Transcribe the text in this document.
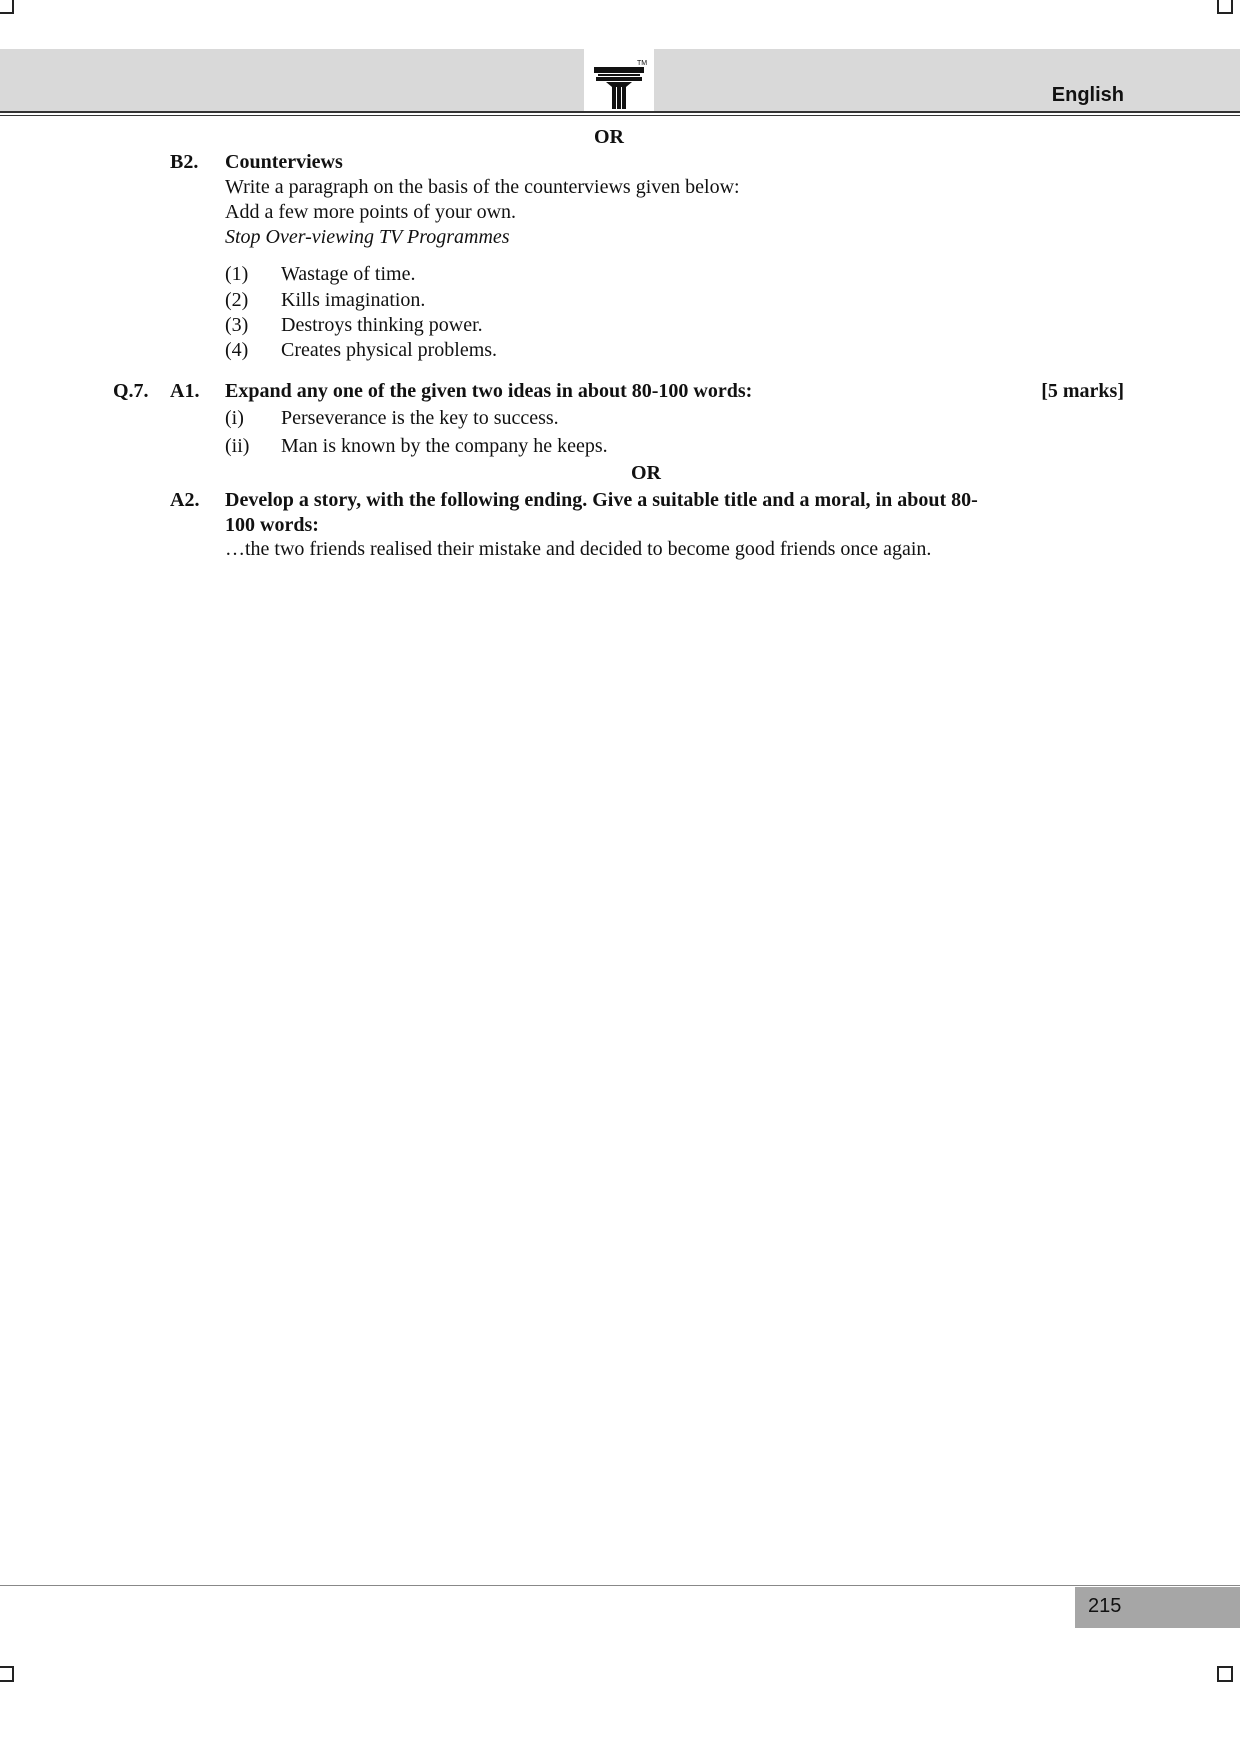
TM
English
OR
B2. Counterviews
Write a paragraph on the basis of the counterviews given below:
Add a few more points of your own.
Stop Over-viewing TV Programmes
(1) Wastage of time.
(2) Kills imagination.
(3) Destroys thinking power.
(4) Creates physical problems.
Q.7. A1. Expand any one of the given two ideas in about 80-100 words:	[5 marks]
(i) Perseverance is the key to success.
(ii) Man is known by the company he keeps.
OR
A2. Develop a story, with the following ending. Give a suitable title and a moral, in about 80-
100 words:
…the two friends realised their mistake and decided to become good friends once again.
215
